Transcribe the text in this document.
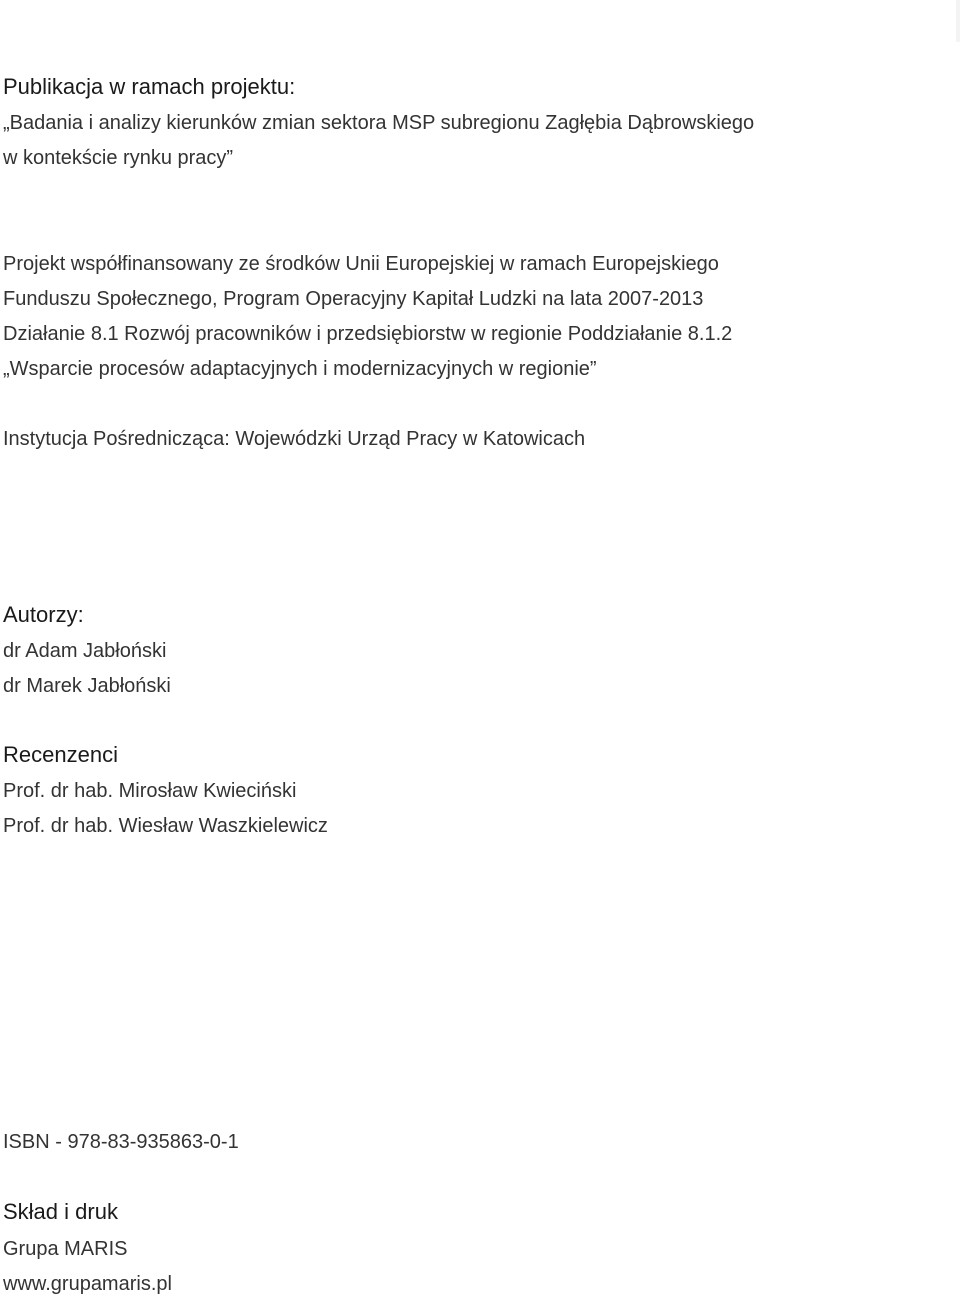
Publikacja w ramach projektu:
„Badania i analizy kierunków zmian sektora MSP subregionu Zagłębia Dąbrowskiego
w kontekście rynku pracy”
Projekt współfinansowany ze środków Unii Europejskiej w ramach Europejskiego
Funduszu Społecznego, Program Operacyjny Kapitał Ludzki na lata 2007-2013
Działanie 8.1 Rozwój pracowników i przedsiębiorstw w regionie Poddziałanie 8.1.2
„Wsparcie procesów adaptacyjnych i modernizacyjnych w regionie”
Instytucja Pośrednicząca: Wojewódzki Urząd Pracy w Katowicach
Autorzy:
dr Adam Jabłoński
dr Marek Jabłoński
Recenzenci
Prof. dr hab. Mirosław Kwieciński
Prof. dr hab. Wiesław Waszkielewicz
ISBN - 978-83-935863-0-1
Skład i druk
Grupa MARIS
www.grupamaris.pl
